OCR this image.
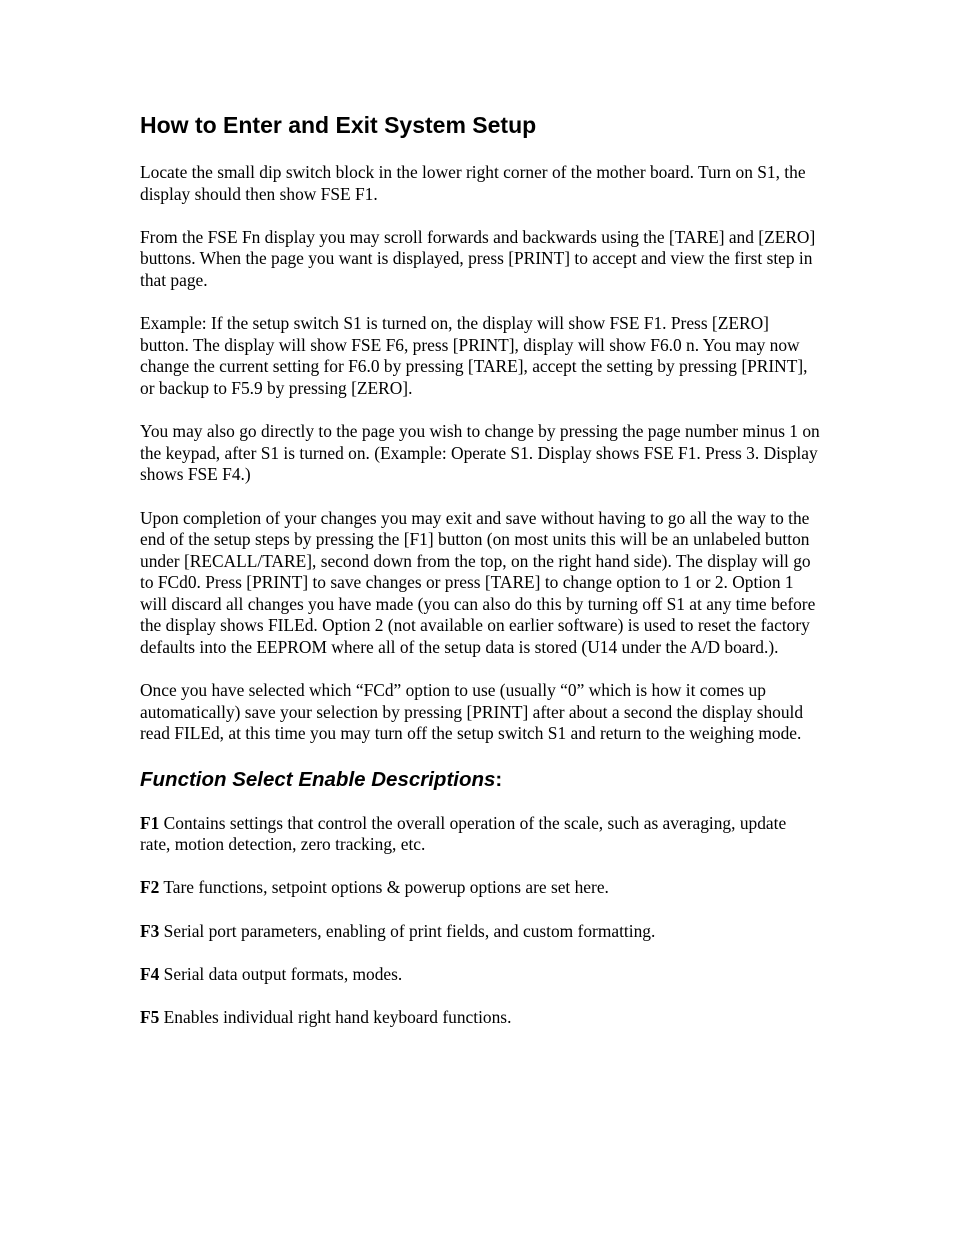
How to Enter and Exit System Setup

Locate the small dip switch block in the lower right corner of the mother board. Turn on S1, the display should then show FSE F1.

From the FSE Fn display you may scroll forwards and backwards using the [TARE] and [ZERO] buttons. When the page you want is displayed, press [PRINT] to accept and view the first step in that page.

Example: If the setup switch S1 is turned on, the display will show FSE F1. Press [ZERO] button. The display will show FSE F6, press [PRINT], display will show F6.0 n. You may now change the current setting for F6.0 by pressing [TARE], accept the setting by pressing [PRINT], or backup to F5.9 by pressing [ZERO].

You may also go directly to the page you wish to change by pressing the page number minus 1 on the keypad, after S1 is turned on. (Example: Operate S1. Display shows FSE F1. Press 3. Display shows FSE F4.)

Upon completion of your changes you may exit and save without having to go all the way to the end of the setup steps by pressing the [F1] button (on most units this will be an unlabeled button under [RECALL/TARE], second down from the top, on the right hand side). The display will go to FCd0. Press [PRINT] to save changes or press [TARE] to change option to 1 or 2. Option 1 will discard all changes you have made (you can also do this by turning off S1 at any time before the display shows FILEd. Option 2 (not available on earlier software) is used to reset the factory defaults into the EEPROM where all of the setup data is stored (U14 under the A/D board.).

Once you have selected which “FCd” option to use (usually “0” which is how it comes up automatically) save your selection by pressing [PRINT] after about a second the display should read FILEd, at this time you may turn off the setup switch S1 and return to the weighing mode.

Function Select Enable Descriptions:

F1 Contains settings that control the overall operation of the scale, such as averaging, update rate, motion detection, zero tracking, etc.

F2 Tare functions, setpoint options & powerup options are set here.

F3 Serial port parameters, enabling of print fields, and custom formatting.

F4 Serial data output formats, modes.

F5 Enables individual right hand keyboard functions.
